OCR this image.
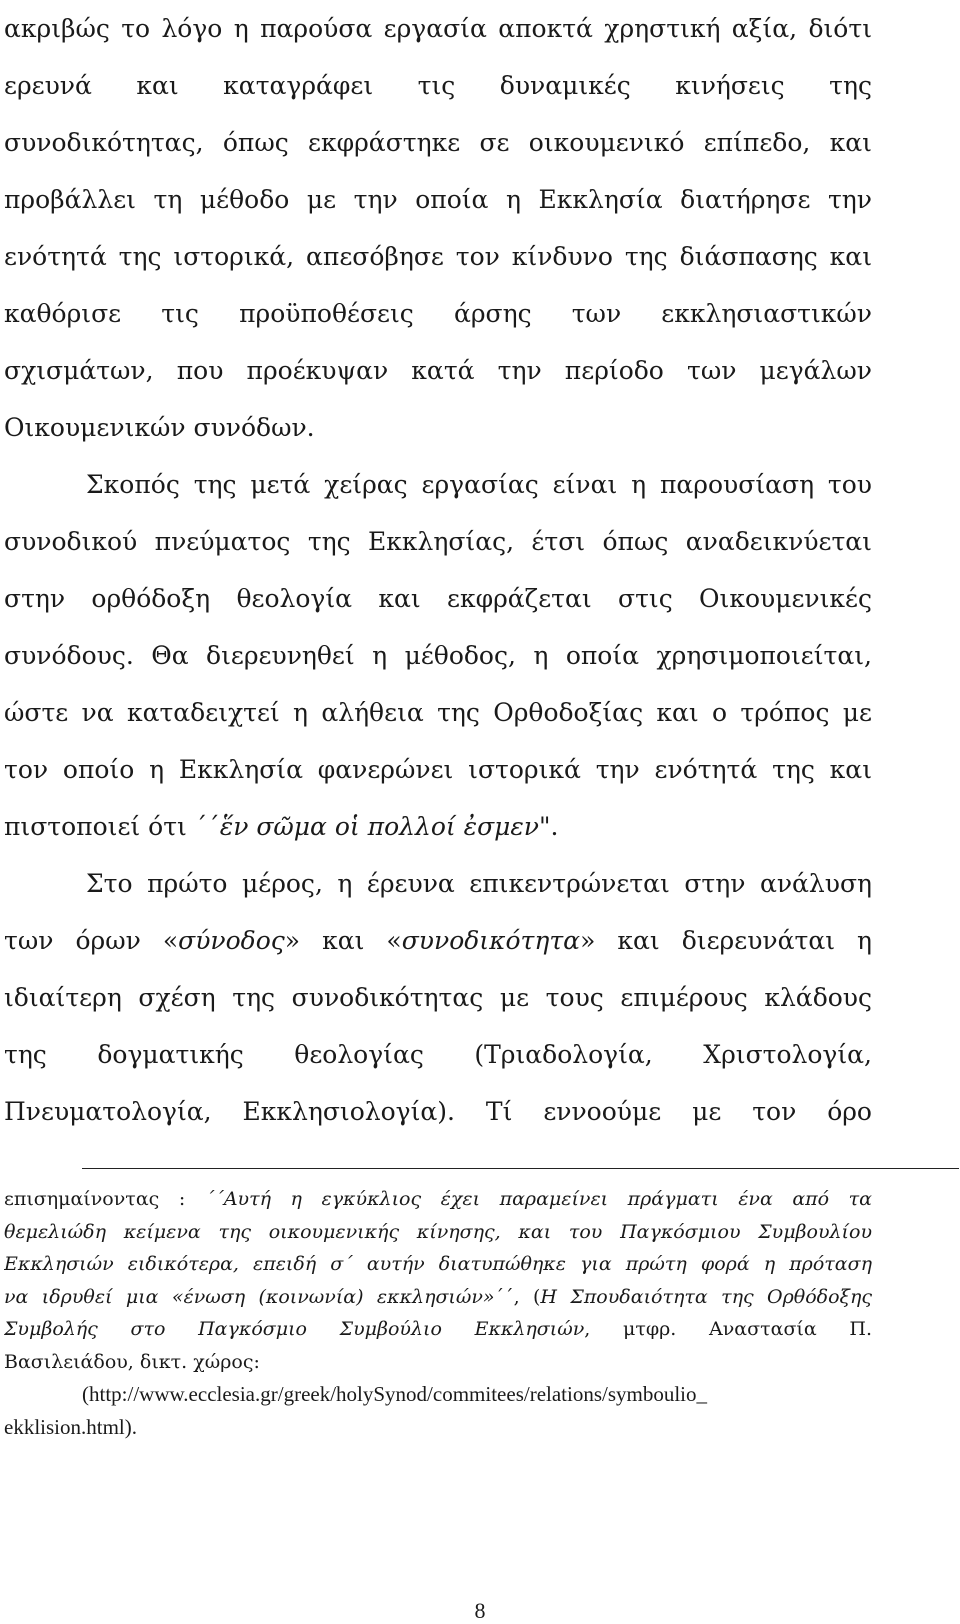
ακριβώς το λόγο η παρούσα εργασία αποκτά χρηστική αξία, διότι
ερευνά και καταγράφει τις δυναμικές κινήσεις της
συνοδικότητας, όπως εκφράστηκε σε οικουμενικό επίπεδο, και
προβάλλει τη μέθοδο με την οποία η Εκκλησία διατήρησε την
ενότητά της ιστορικά, απεσόβησε τον κίνδυνο της διάσπασης και
καθόρισε τις προϋποθέσεις άρσης των εκκλησιαστικών
σχισμάτων, που προέκυψαν κατά την περίοδο των μεγάλων
Οικουμενικών συνόδων.
Σκοπός της μετά χείρας εργασίας είναι η παρουσίαση του
συνοδικού πνεύματος της Εκκλησίας, έτσι όπως αναδεικνύεται
στην ορθόδοξη θεολογία και εκφράζεται στις Οικουμενικές
συνόδους. Θα διερευνηθεί η μέθοδος, η οποία χρησιμοποιείται,
ώστε να καταδειχτεί η αλήθεια της Ορθοδοξίας και ο τρόπος με
τον οποίο η Εκκλησία φανερώνει ιστορικά την ενότητά της και
πιστοποιεί ότι ΄΄ἕν σῶμα οἱ πολλοί ἐσμεν".
Στο πρώτο μέρος, η έρευνα επικεντρώνεται στην ανάλυση
των όρων «σύνοδος» και «συνοδικότητα» και διερευνάται η
ιδιαίτερη σχέση της συνοδικότητας με τους επιμέρους κλάδους
της δογματικής θεολογίας (Τριαδολογία, Χριστολογία,
Πνευματολογία, Εκκλησιολογία). Τί εννοούμε με τον όρο
επισημαίνοντας : ΄΄Αυτή η εγκύκλιος έχει παραμείνει πράγματι ένα από τα
θεμελιώδη κείμενα της οικουμενικής κίνησης, και του Παγκόσμιου Συμβουλίου
Εκκλησιών ειδικότερα, επειδή σ΄ αυτήν διατυπώθηκε για πρώτη φορά η πρόταση
να ιδρυθεί μια «ένωση (κοινωνία) εκκλησιών»΄΄, (Η Σπουδαιότητα της Ορθόδοξης
Συμβολής στο Παγκόσμιο Συμβούλιο Εκκλησιών, μτφρ. Αναστασία Π.
Βασιλειάδου, δικτ. χώρος:
(http://www.ecclesia.gr/greek/holySynod/commitees/relations/symboulio_
ekklision.html).
8
